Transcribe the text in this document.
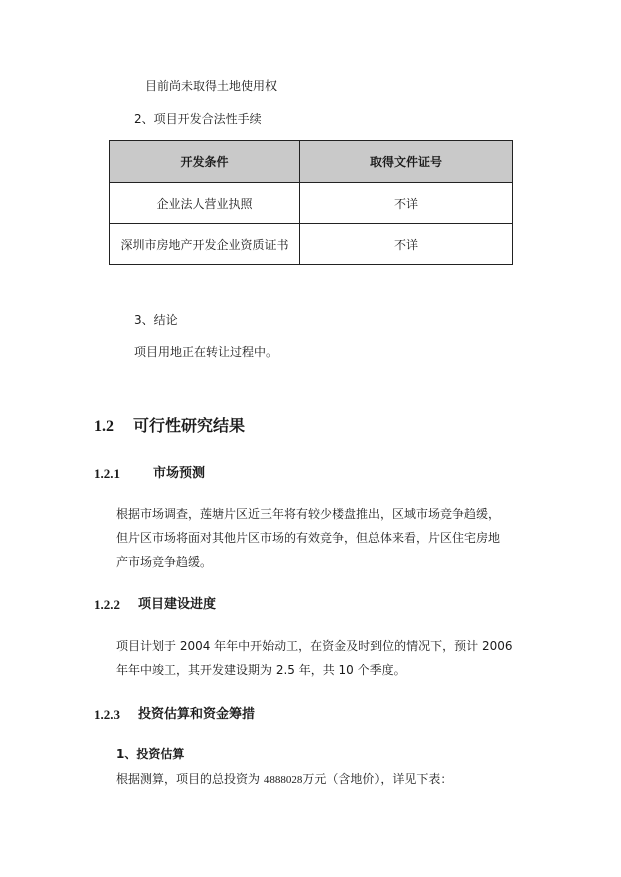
目前尚未取得土地使用权
2、项目开发合法性手续
开发条件	取得文件证号
企业法人营业执照	不详
深圳市房地产开发企业资质证书	不详
3、结论
项目用地正在转让过程中。
1.2 可行性研究结果
1.2.1	市场预测
根据市场调查，莲塘片区近三年将有较少楼盘推出，区域市场竞争趋缓，
但片区市场将面对其他片区市场的有效竞争，但总体来看，片区住宅房地
产市场竞争趋缓。
1.2.2 项目建设进度
项目计划于 2004 年年中开始动工，在资金及时到位的情况下，预计 2006
年年中竣工，其开发建设期为 2.5 年，共 10 个季度。
1.2.3 投资估算和资金筹措
1、投资估算
根据测算，项目的总投资为 4888028万元（含地价），详见下表：
